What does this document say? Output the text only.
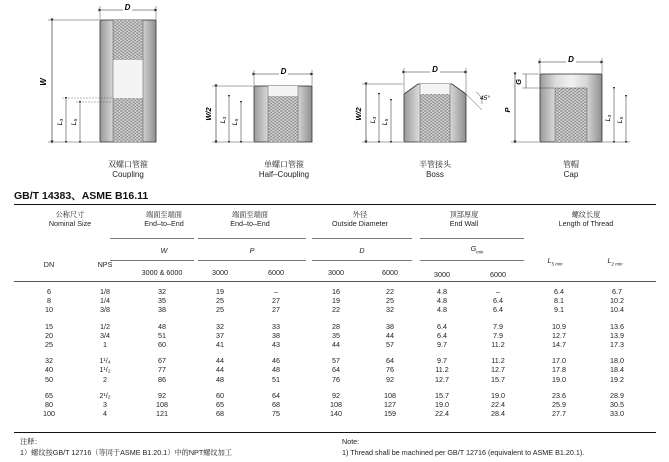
D
W
L₃ L₅
D
W/2 L₃ L₅
D
45°
W/2 L₃ L₅
D
G
P
L₃ L₅
双螺口管箍
Coupling
单螺口管箍
Half–Coupling
半管接头
Boss
管帽
Cap
GB/T 14383、ASME B16.11
公称尺寸
Nominal Size
端面至端面
End–to–End
端面至端面
End–to–End
外径
Outside Diameter
顶部厚度
End Wall
螺纹长度
Length of Thread
W	P	D	$G_{min}$
$L_{5 min}$	$L_{2 min}$
DN	NPS
3000 & 6000	3000	6000	3000	6000	3000	6000
6	1/8	32	19	–	16	22	4.8	–	6.4	6.7
8	1/4	35	25	27	19	25	4.8	6.4	8.1	10.2
10	3/8	38	25	27	22	32	4.8	6.4	9.1	10.4
15	1/2	48	32	33	28	38	6.4	7.9	10.9	13.6
20	3/4	51	37	38	35	44	6.4	7.9	12.7	13.9
25	1	60	41	43	44	57	9.7	11.2	14.7	17.3
32	1¹/₄	67	44	46	57	64	9.7	11.2	17.0	18.0
40	1¹/₂	77	44	48	64	76	11.2	12.7	17.8	18.4
50	2	86	48	51	76	92	12.7	15.7	19.0	19.2
65	2¹/₂	92	60	64	92	108	15.7	19.0	23.6	28.9
80	3	108	65	68	108	127	19.0	22.4	25.9	30.5
100	4	121	68	75	140	159	22.4	28.4	27.7	33.0
注释：
1）螺纹按GB/T 12716（等同于ASME B1.20.1）中的NPT螺纹加工
Note:
1) Thread shall be machined per GB/T 12716 (equivalent to ASME B1.20.1).
